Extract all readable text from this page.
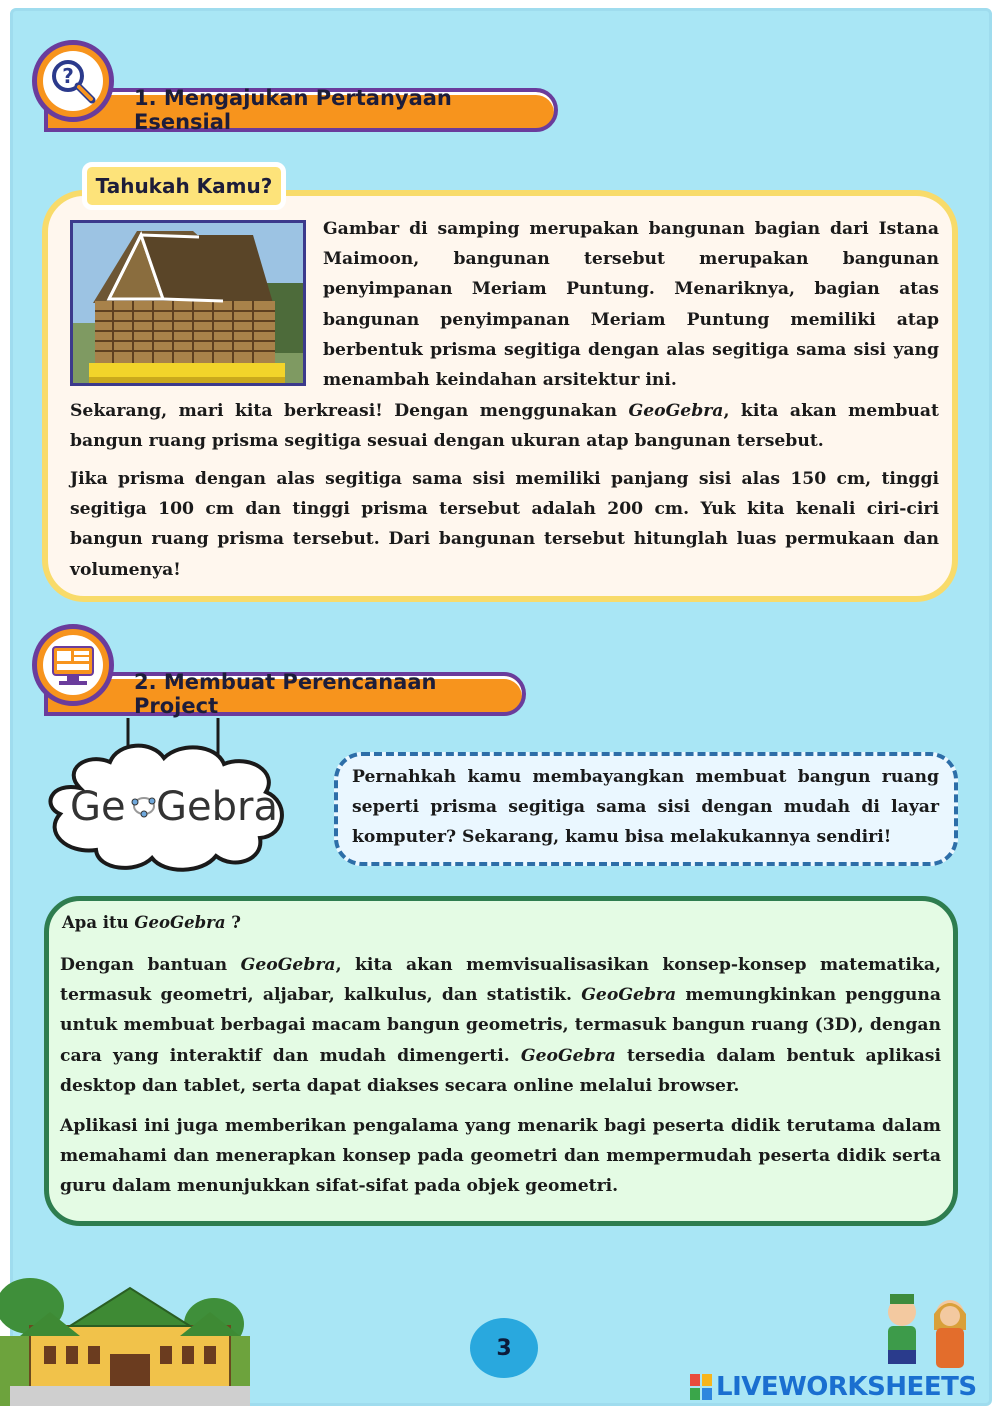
?
1. Mengajukan Pertanyaan Esensial
Tahukah Kamu?
Gambar di samping merupakan bangunan bagian dari Istana Maimoon, bangunan tersebut merupakan bangunan penyimpanan Meriam Puntung. Menariknya, bagian atas bangunan penyimpanan Meriam Puntung memiliki atap berbentuk prisma segitiga dengan alas segitiga sama sisi yang menambah keindahan arsitektur ini.
Sekarang, mari kita berkreasi! Dengan menggunakan GeoGebra, kita akan membuat bangun ruang prisma segitiga sesuai dengan ukuran atap bangunan tersebut.
Jika prisma dengan alas segitiga sama sisi memiliki panjang sisi alas 150 cm, tinggi segitiga 100 cm dan tinggi prisma tersebut adalah 200 cm. Yuk kita kenali ciri-ciri bangun ruang prisma tersebut. Dari bangunan tersebut hitunglah luas permukaan dan volumenya!
2. Membuat Perencanaan Project
Ge Gebra
Pernahkah kamu membayangkan membuat bangun ruang seperti prisma segitiga sama sisi dengan mudah di layar komputer? Sekarang, kamu bisa melakukannya sendiri!
Apa itu GeoGebra ?
Dengan bantuan GeoGebra, kita akan memvisualisasikan konsep-konsep matematika, termasuk geometri, aljabar, kalkulus, dan statistik. GeoGebra memungkinkan pengguna untuk membuat berbagai macam bangun geometris, termasuk bangun ruang (3D), dengan cara yang interaktif dan mudah dimengerti. GeoGebra tersedia dalam bentuk aplikasi desktop dan tablet, serta dapat diakses secara online melalui browser.
Aplikasi ini juga memberikan pengalama yang menarik bagi peserta didik terutama dalam memahami dan menerapkan konsep pada geometri dan mempermudah peserta didik serta guru dalam menunjukkan sifat-sifat pada objek geometri.
3
LIVEWORKSHEETS
